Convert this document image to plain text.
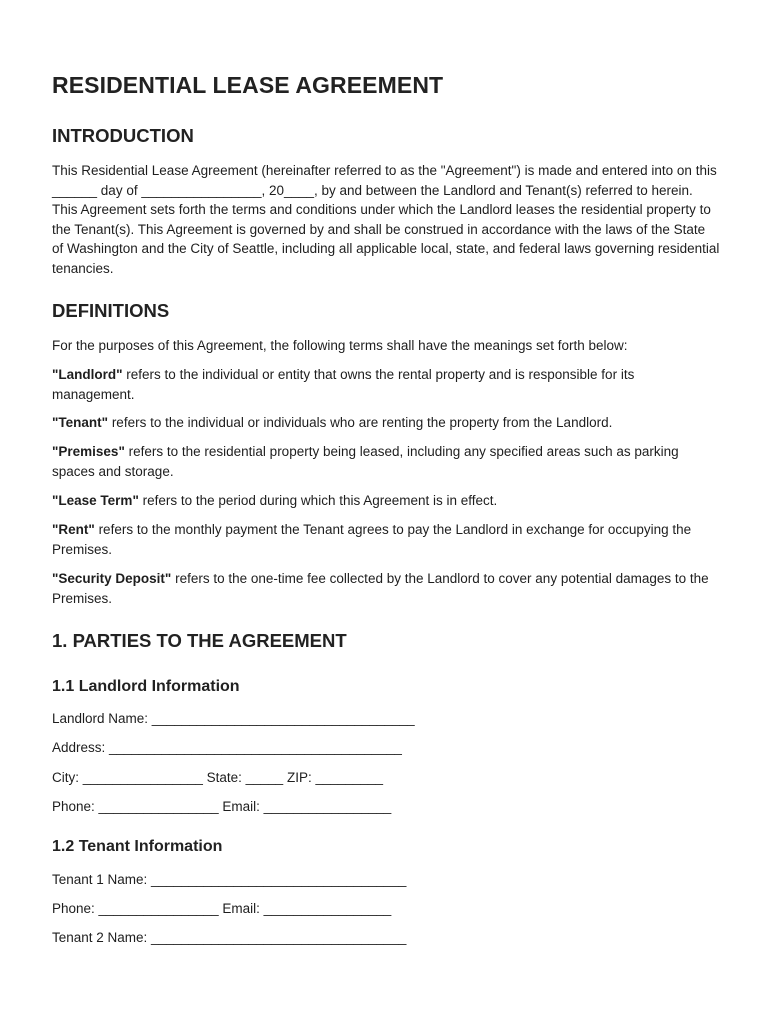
RESIDENTIAL LEASE AGREEMENT
INTRODUCTION

This Residential Lease Agreement (hereinafter referred to as the "Agreement") is made and entered into on this ______ day of ________________, 20____, by and between the Landlord and Tenant(s) referred to herein. This Agreement sets forth the terms and conditions under which the Landlord leases the residential property to the Tenant(s). This Agreement is governed by and shall be construed in accordance with the laws of the State of Washington and the City of Seattle, including all applicable local, state, and federal laws governing residential tenancies.

DEFINITIONS

For the purposes of this Agreement, the following terms shall have the meanings set forth below:

"Landlord" refers to the individual or entity that owns the rental property and is responsible for its management.

"Tenant" refers to the individual or individuals who are renting the property from the Landlord.

"Premises" refers to the residential property being leased, including any specified areas such as parking spaces and storage.

"Lease Term" refers to the period during which this Agreement is in effect.

"Rent" refers to the monthly payment the Tenant agrees to pay the Landlord in exchange for occupying the Premises.

"Security Deposit" refers to the one-time fee collected by the Landlord to cover any potential damages to the Premises.

1. PARTIES TO THE AGREEMENT
1.1 Landlord Information
Landlord Name: ___________________________________
Address: _______________________________________
City: ________________ State: _____ ZIP: _________
Phone: ________________ Email: _________________
1.2 Tenant Information
Tenant 1 Name: __________________________________
Phone: ________________ Email: _________________
Tenant 2 Name: __________________________________
